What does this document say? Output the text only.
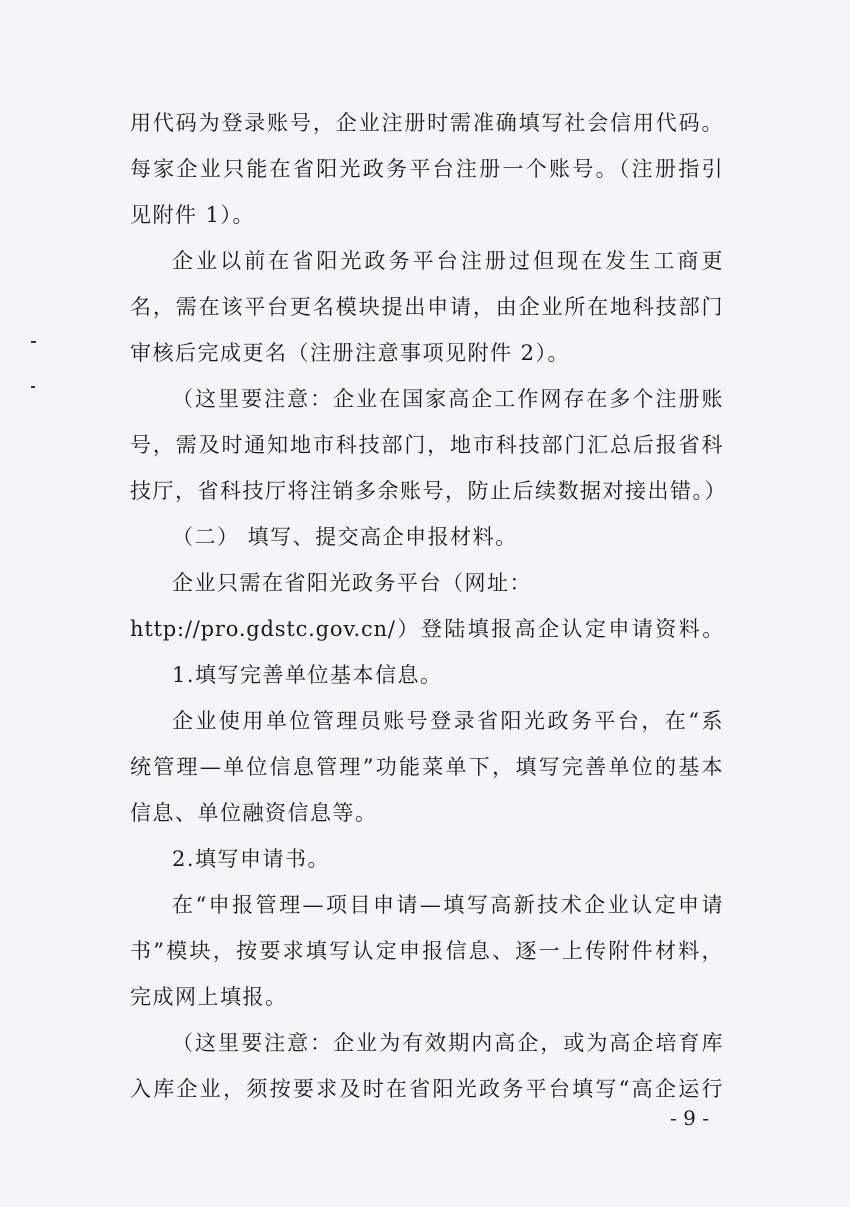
用代码为登录账号，企业注册时需准确填写社会信用代码。
每家企业只能在省阳光政务平台注册一个账号。（注册指引
见附件 1）。
企业以前在省阳光政务平台注册过但现在发生工商更
名，需在该平台更名模块提出申请，由企业所在地科技部门
审核后完成更名（注册注意事项见附件 2）。
（这里要注意：企业在国家高企工作网存在多个注册账
号，需及时通知地市科技部门，地市科技部门汇总后报省科
技厅，省科技厅将注销多余账号，防止后续数据对接出错。）
（二） 填写、提交高企申报材料。
企业只需在省阳光政务平台（网址：
http://pro.gdstc.gov.cn/）登陆填报高企认定申请资料。
1.填写完善单位基本信息。
企业使用单位管理员账号登录省阳光政务平台，在“系
统管理—单位信息管理”功能菜单下，填写完善单位的基本
信息、单位融资信息等。
2.填写申请书。
在“申报管理—项目申请—填写高新技术企业认定申请
书”模块，按要求填写认定申报信息、逐一上传附件材料，
完成网上填报。
（这里要注意：企业为有效期内高企，或为高企培育库
入库企业，须按要求及时在省阳光政务平台填写“高企运行
- 9 -
